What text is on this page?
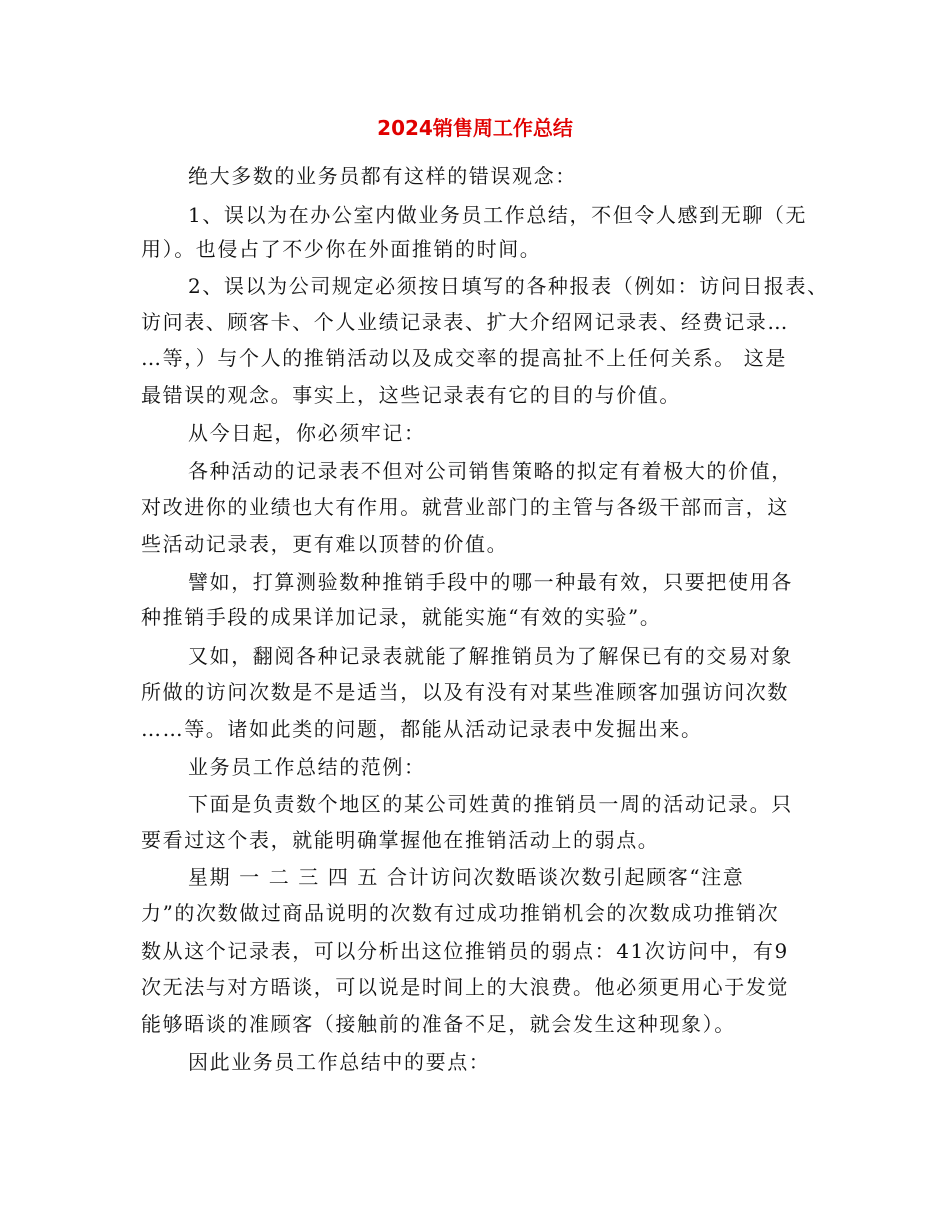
2024销售周工作总结
绝大多数的业务员都有这样的错误观念：
1、误以为在办公室内做业务员工作总结，不但令人感到无聊（无
用）。也侵占了不少你在外面推销的时间。
2、误以为公司规定必须按日填写的各种报表（例如：访问日报表、
访问表、顾客卡、个人业绩记录表、扩大介绍网记录表、经费记录…
…等，）与个人的推销活动以及成交率的提高扯不上任何关系。 这是
最错误的观念。事实上，这些记录表有它的目的与价值。
从今日起，你必须牢记：
各种活动的记录表不但对公司销售策略的拟定有着极大的价值，
对改进你的业绩也大有作用。就营业部门的主管与各级干部而言，这
些活动记录表，更有难以顶替的价值。
譬如，打算测验数种推销手段中的哪一种最有效，只要把使用各
种推销手段的成果详加记录，就能实施“有效的实验”。
又如，翻阅各种记录表就能了解推销员为了解保已有的交易对象
所做的访问次数是不是适当，以及有没有对某些准顾客加强访问次数
……等。诸如此类的问题，都能从活动记录表中发掘出来。
业务员工作总结的范例：
下面是负责数个地区的某公司姓黄的推销员一周的活动记录。只
要看过这个表，就能明确掌握他在推销活动上的弱点。
星期 一 二 三 四 五 合计访问次数晤谈次数引起顾客“注意
力”的次数做过商品说明的次数有过成功推销机会的次数成功推销次
数从这个记录表，可以分析出这位推销员的弱点：41次访问中，有9
次无法与对方晤谈，可以说是时间上的大浪费。他必须更用心于发觉
能够晤谈的准顾客（接触前的准备不足，就会发生这种现象）。
因此业务员工作总结中的要点：
